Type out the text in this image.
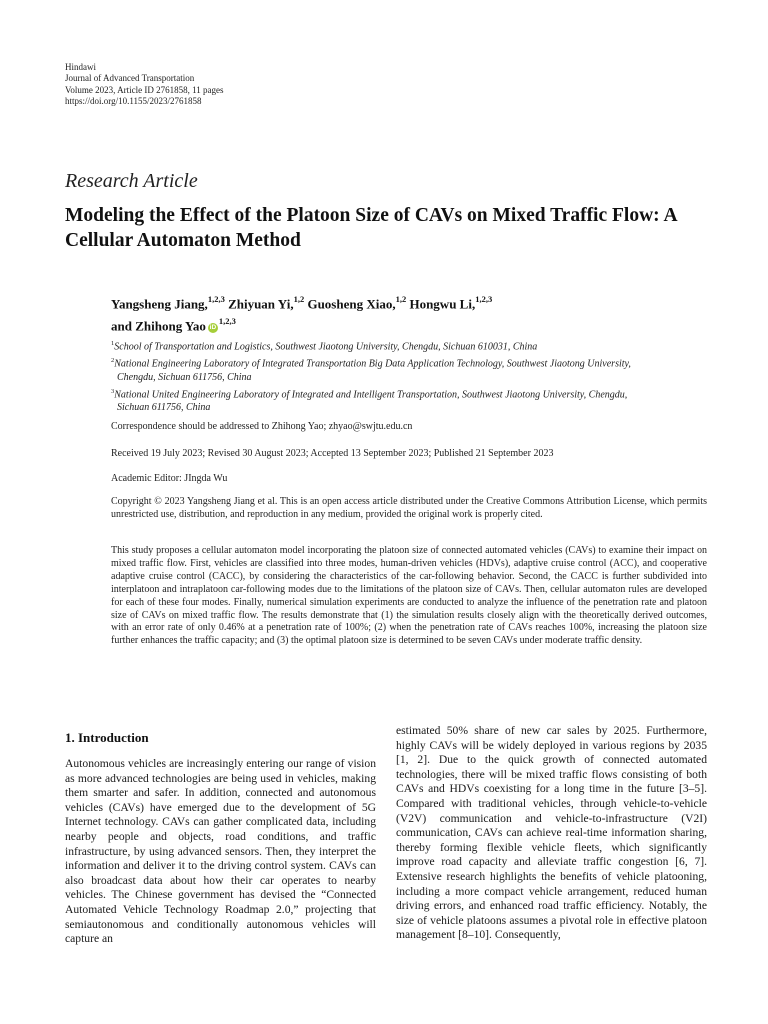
Hindawi
Journal of Advanced Transportation
Volume 2023, Article ID 2761858, 11 pages
https://doi.org/10.1155/2023/2761858
Research Article
Modeling the Effect of the Platoon Size of CAVs on Mixed Traffic Flow: A Cellular Automaton Method
Yangsheng Jiang,$^{1,2,3}$ Zhiyuan Yi,$^{1,2}$ Guosheng Xiao,$^{1,2}$ Hongwu Li,$^{1,2,3}$
and Zhihong Yao iD$^{1,2,3}$
$^1$School of Transportation and Logistics, Southwest Jiaotong University, Chengdu, Sichuan 610031, China
$^2$National Engineering Laboratory of Integrated Transportation Big Data Application Technology, Southwest Jiaotong University,
Chengdu, Sichuan 611756, China
$^3$National United Engineering Laboratory of Integrated and Intelligent Transportation, Southwest Jiaotong University, Chengdu,
Sichuan 611756, China
Correspondence should be addressed to Zhihong Yao; zhyao@swjtu.edu.cn
Received 19 July 2023; Revised 30 August 2023; Accepted 13 September 2023; Published 21 September 2023
Academic Editor: JIngda Wu
Copyright © 2023 Yangsheng Jiang et al. This is an open access article distributed under the Creative Commons Attribution License, which permits unrestricted use, distribution, and reproduction in any medium, provided the original work is properly cited.
This study proposes a cellular automaton model incorporating the platoon size of connected automated vehicles (CAVs) to examine their impact on mixed traffic flow. First, vehicles are classified into three modes, human-driven vehicles (HDVs), adaptive cruise control (ACC), and cooperative adaptive cruise control (CACC), by considering the characteristics of the car-following behavior. Second, the CACC is further subdivided into interplatoon and intraplatoon car-following modes due to the limitations of the platoon size of CAVs. Then, cellular automaton rules are developed for each of these four modes. Finally, numerical simulation experiments are conducted to analyze the influence of the penetration rate and platoon size of CAVs on mixed traffic flow. The results demonstrate that (1) the simulation results closely align with the theoretically derived outcomes, with an error rate of only 0.46% at a penetration rate of 100%; (2) when the penetration rate of CAVs reaches 100%, increasing the platoon size further enhances the traffic capacity; and (3) the optimal platoon size is determined to be seven CAVs under moderate traffic density.
1. Introduction
Autonomous vehicles are increasingly entering our range of vision as more advanced technologies are being used in vehicles, making them smarter and safer. In addition, connected and autonomous vehicles (CAVs) have emerged due to the development of 5G Internet technology. CAVs can gather complicated data, including nearby people and objects, road conditions, and traffic infrastructure, by using advanced sensors. Then, they interpret the information and deliver it to the driving control system. CAVs can also broadcast data about how their car operates to nearby vehicles. The Chinese government has devised the “Connected Automated Vehicle Technology Roadmap 2.0,” projecting that semiautonomous and conditionally autonomous vehicles will capture an
estimated 50% share of new car sales by 2025. Furthermore, highly CAVs will be widely deployed in various regions by 2035 [1, 2]. Due to the quick growth of connected automated technologies, there will be mixed traffic flows consisting of both CAVs and HDVs coexisting for a long time in the future [3–5]. Compared with traditional vehicles, through vehicle-to-vehicle (V2V) communication and vehicle-to-infrastructure (V2I) communication, CAVs can achieve real-time information sharing, thereby forming flexible vehicle fleets, which significantly improve road capacity and alleviate traffic congestion [6, 7]. Extensive research highlights the benefits of vehicle platooning, including a more compact vehicle arrangement, reduced human driving errors, and enhanced road traffic efficiency. Notably, the size of vehicle platoons assumes a pivotal role in effective platoon management [8–10]. Consequently,
